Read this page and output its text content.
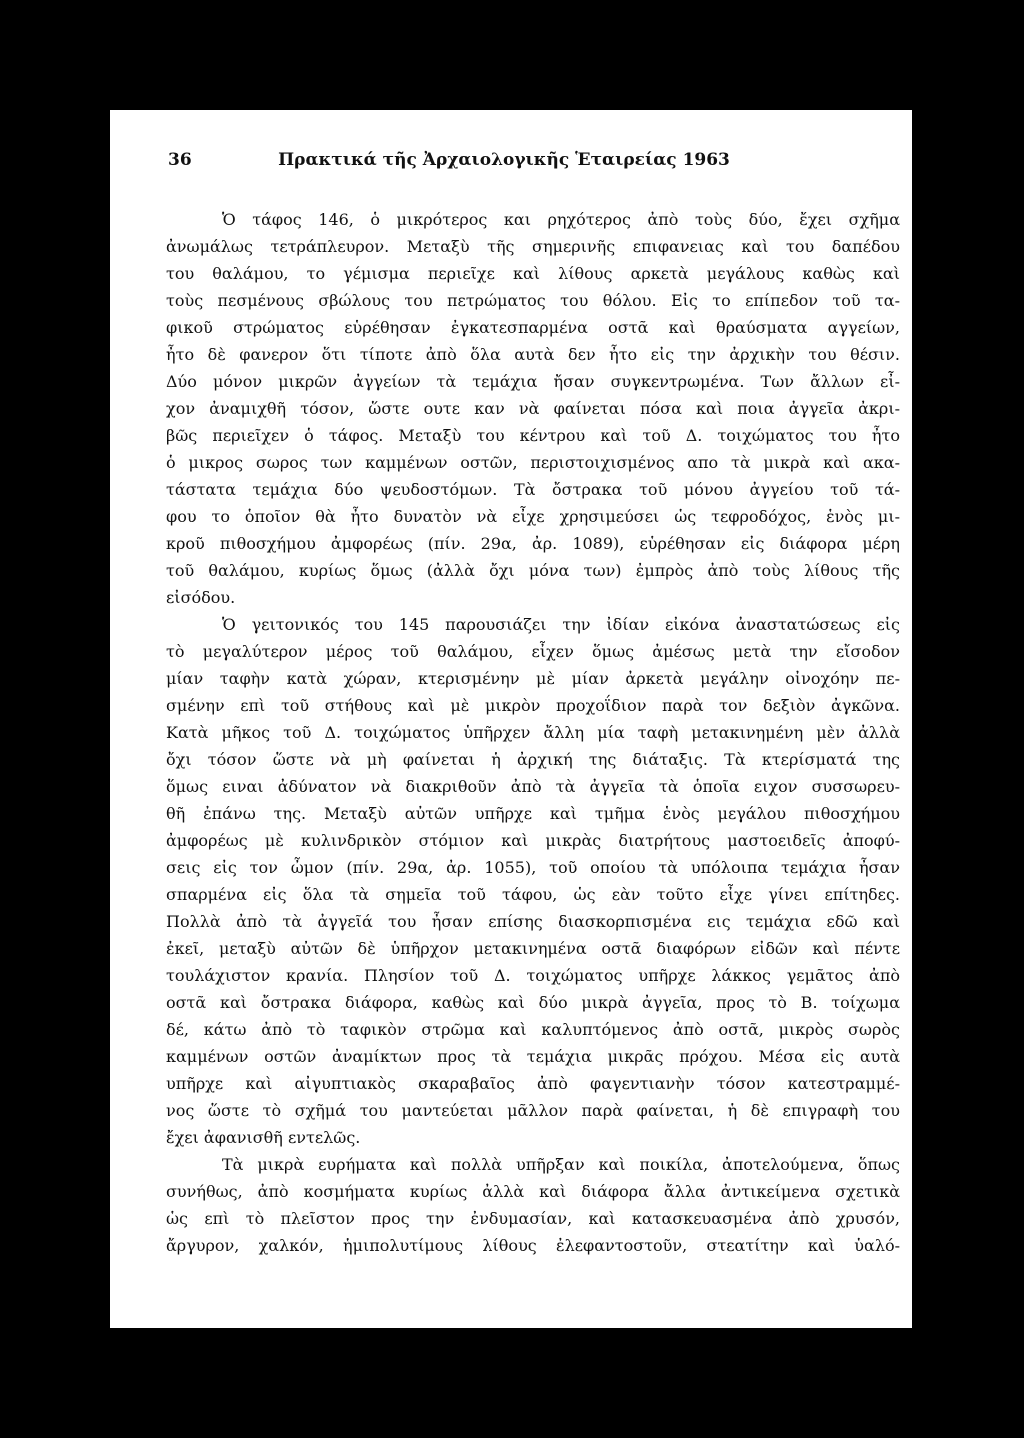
36	Πρακτικά τῆς Ἀρχαιολογικῆς Ἑταιρείας 1963
Ὁ τάφος 146, ὁ μικρότερος και ρηχότερος ἀπὸ τοὺς δύο, ἔχει σχῆμα
ἀνωμάλως τετράπλευρον. Μεταξὺ τῆς σημερινῆς επιφανειας καὶ του δαπέδου
του θαλάμου, το γέμισμα περιεῖχε καὶ λίθους αρκετὰ μεγάλους καθὼς καὶ
τοὺς πεσμένους σβώλους του πετρώματος του θόλου. Εἰς το επίπεδον τοῦ τα-
φικοῦ στρώματος εὑρέθησαν ἐγκατεσπαρμένα οστᾶ καὶ θραύσματα αγγείων,
ἦτο δὲ φανερον ὅτι τίποτε ἀπὸ ὅλα αυτὰ δεν ἦτο εἰς την ἀρχικὴν του θέσιν.
Δύο μόνον μικρῶν ἀγγείων τὰ τεμάχια ἤσαν συγκεντρωμένα. Των ἄλλων εἶ-
χον ἀναμιχθῆ τόσον, ὥστε ουτε καν νὰ φαίνεται πόσα καὶ ποια ἀγγεῖα ἀκρι-
βῶς περιεῖχεν ὁ τάφος. Μεταξὺ του κέντρου καὶ τοῦ Δ. τοιχώματος του ἦτο
ὁ μικρος σωρος των καμμένων οστῶν, περιστοιχισμένος απο τὰ μικρὰ καὶ ακα-
τάστατα τεμάχια δύο ψευδοστόμων. Τὰ ὄστρακα τοῦ μόνου ἀγγείου τοῦ τά-
φου το ὁποῖον θὰ ἦτο δυνατὸν νὰ εἶχε χρησιμεύσει ὡς τεφροδόχος, ἑνὸς μι-
κροῦ πιθοσχήμου ἀμφορέως (πίν. 29α, ἀρ. 1089), εὑρέθησαν εἰς διάφορα μέρη
τοῦ θαλάμου, κυρίως ὅμως (ἀλλὰ ὄχι μόνα των) ἐμπρὸς ἀπὸ τοὺς λίθους τῆς
εἰσόδου.
Ὁ γειτονικός του 145 παρουσιάζει την ἰδίαν εἰκόνα ἀναστατώσεως εἰς
τὸ μεγαλύτερον μέρος τοῦ θαλάμου, εἶχεν ὅμως ἀμέσως μετὰ την εἴσοδον
μίαν ταφὴν κατὰ χώραν, κτερισμένην μὲ μίαν ἀρκετὰ μεγάλην οἰνοχόην πε-
σμένην επὶ τοῦ στήθους καὶ μὲ μικρὸν προχοΐδιον παρὰ τον δεξιὸν ἀγκῶνα.
Κατὰ μῆκος τοῦ Δ. τοιχώματος ὑπῆρχεν ἄλλη μία ταφὴ μετακινημένη μὲν ἀλλὰ
ὄχι τόσον ὥστε νὰ μὴ φαίνεται ἡ ἀρχική της διάταξις. Τὰ κτερίσματά της
ὅμως ειναι ἀδύνατον νὰ διακριθοῦν ἀπὸ τὰ ἀγγεῖα τὰ ὁποῖα ειχον συσσωρευ-
θῆ ἐπάνω της. Μεταξὺ αὐτῶν υπῆρχε καὶ τμῆμα ἑνὸς μεγάλου πιθοσχήμου
ἀμφορέως μὲ κυλινδρικὸν στόμιον καὶ μικρὰς διατρήτους μαστοειδεῖς ἀποφύ-
σεις εἰς τον ὦμον (πίν. 29α, ἀρ. 1055), τοῦ οποίου τὰ υπόλοιπα τεμάχια ἦσαν
σπαρμένα εἰς ὅλα τὰ σημεῖα τοῦ τάφου, ὡς εὰν τοῦτο εἶχε γίνει επίτηδες.
Πολλὰ ἀπὸ τὰ ἀγγεῖά του ἦσαν επίσης διασκορπισμένα εις τεμάχια εδῶ καὶ
ἐκεῖ, μεταξὺ αὐτῶν δὲ ὑπῆρχον μετακινημένα οστᾶ διαφόρων εἰδῶν καὶ πέντε
τουλάχιστον κρανία. Πλησίον τοῦ Δ. τοιχώματος υπῆρχε λάκκος γεμᾶτος ἀπὸ
οστᾶ καὶ ὄστρακα διάφορα, καθὼς καὶ δύο μικρὰ ἀγγεῖα, προς τὸ Β. τοίχωμα
δέ, κάτω ἀπὸ τὸ ταφικὸν στρῶμα καὶ καλυπτόμενος ἀπὸ οστᾶ, μικρὸς σωρὸς
καμμένων οστῶν ἀναμίκτων προς τὰ τεμάχια μικρᾶς πρόχου. Μέσα εἰς αυτὰ
υπῆρχε καὶ αἰγυπτιακὸς σκαραβαῖος ἀπὸ φαγεντιανὴν τόσον κατεστραμμέ-
νος ὥστε τὸ σχῆμά του μαντεύεται μᾶλλον παρὰ φαίνεται, ἡ δὲ επιγραφὴ του
ἔχει ἀφανισθῆ εντελῶς.
Τὰ μικρὰ ευρήματα καὶ πολλὰ υπῆρξαν καὶ ποικίλα, ἀποτελούμενα, ὅπως
συνήθως, ἀπὸ κοσμήματα κυρίως ἀλλὰ καὶ διάφορα ἄλλα ἀντικείμενα σχετικὰ
ὡς επὶ τὸ πλεῖστον προς την ἐνδυμασίαν, καὶ κατασκευασμένα ἀπὸ χρυσόν,
ἄργυρον, χαλκόν, ἡμιπολυτίμους λίθους ἐλεφαντοστοῦν, στεατίτην καὶ ὑαλό-
